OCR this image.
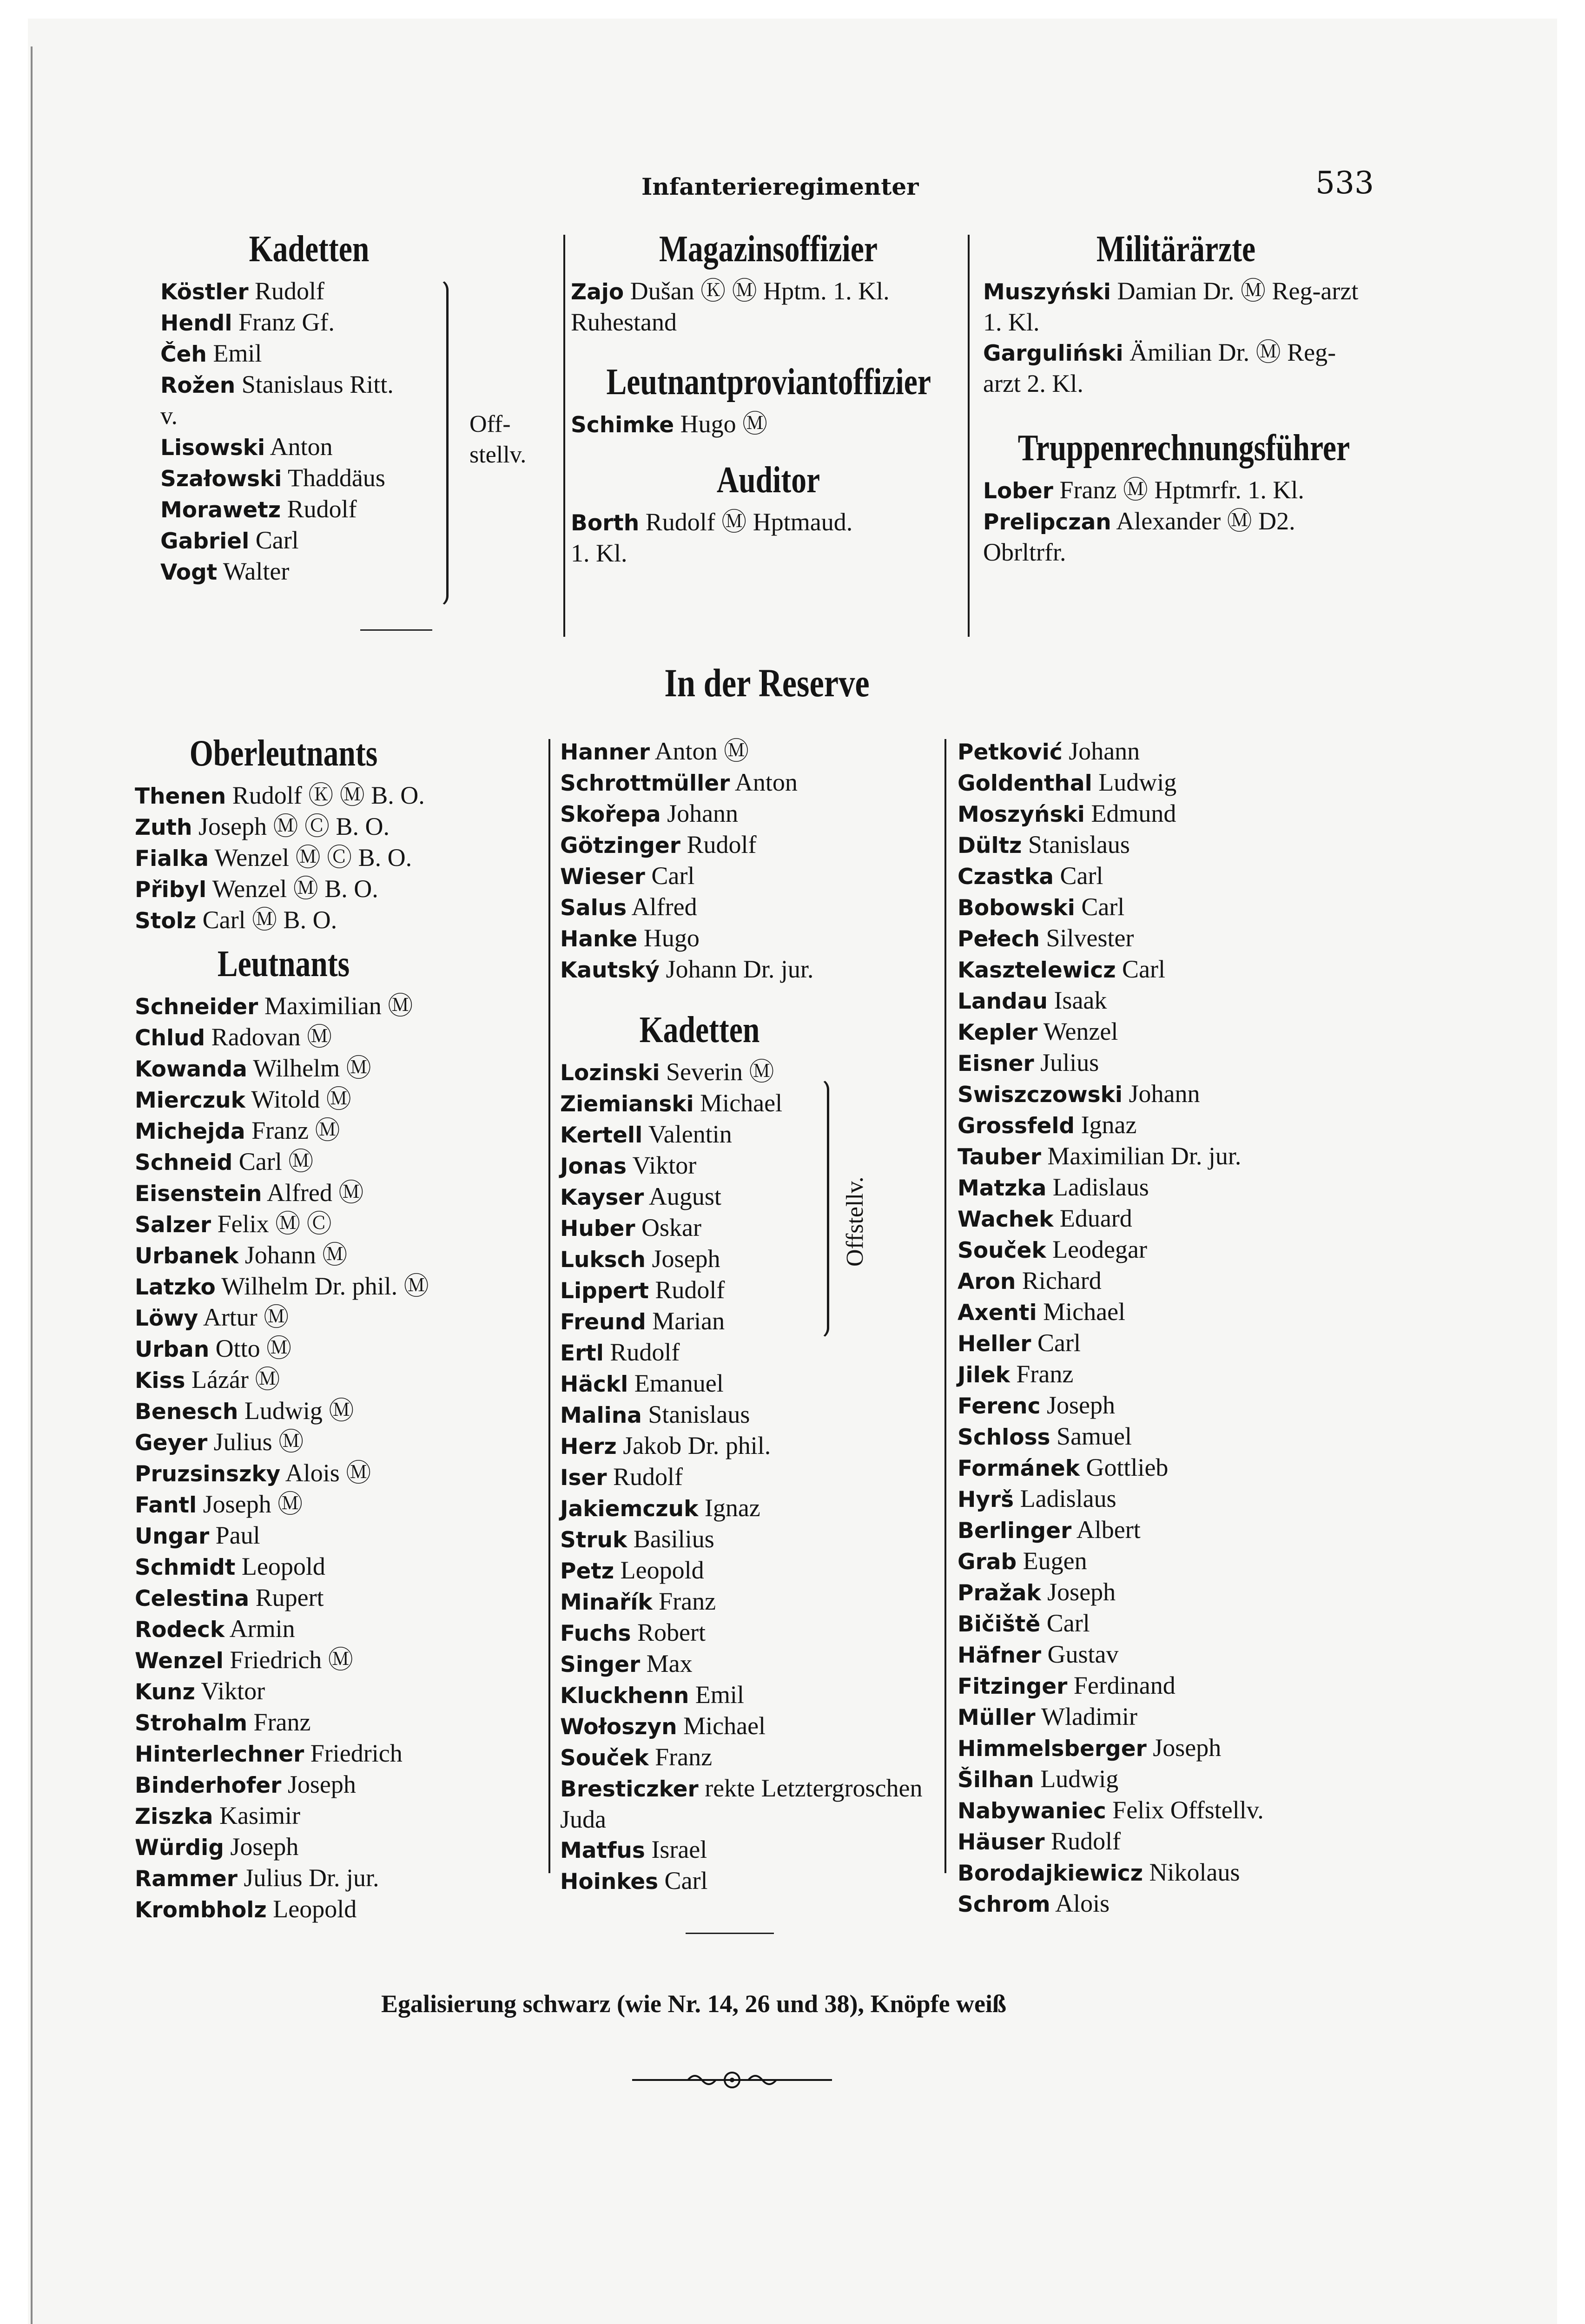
Infanterieregimenter	533
Kadetten
Köstler Rudolf
Hendl Franz Gf.
Čeh Emil
Rožen Stanislaus Ritt.
v.
Lisowski Anton
Szałowski Thaddäus
Morawetz Rudolf
Gabriel Carl
Vogt Walter
Off-
stellv.
Magazinsoffizier
Zajo Dušan Ⓚ Ⓜ Hptm. 1. Kl. Ruhestand
Leutnantproviantoffizier
Schimke Hugo Ⓜ
Auditor
Borth Rudolf Ⓜ Hptmaud. 1. Kl.
Militärärzte
Muszyński Damian Dr. Ⓜ Reg-arzt 1. Kl.
Garguliński Ämilian Dr. Ⓜ Reg-arzt 2. Kl.
Truppenrechnungsführer
Lober Franz Ⓜ Hptmrfr. 1. Kl.
Prelipczan Alexander Ⓜ D2. Obrltrfr.
In der Reserve
Oberleutnants
Thenen Rudolf Ⓚ Ⓜ B. O.
Zuth Joseph Ⓜ Ⓒ B. O.
Fialka Wenzel Ⓜ Ⓒ B. O.
Přibyl Wenzel Ⓜ B. O.
Stolz Carl Ⓜ B. O.
Leutnants
Schneider Maximilian Ⓜ
Chlud Radovan Ⓜ
Kowanda Wilhelm Ⓜ
Mierczuk Witold Ⓜ
Michejda Franz Ⓜ
Schneid Carl Ⓜ
Eisenstein Alfred Ⓜ
Salzer Felix Ⓜ Ⓒ
Urbanek Johann Ⓜ
Latzko Wilhelm Dr. phil. Ⓜ
Löwy Artur Ⓜ
Urban Otto Ⓜ
Kiss Lázár Ⓜ
Benesch Ludwig Ⓜ
Geyer Julius Ⓜ
Pruzsinszky Alois Ⓜ
Fantl Joseph Ⓜ
Ungar Paul
Schmidt Leopold
Celestina Rupert
Rodeck Armin
Wenzel Friedrich Ⓜ
Kunz Viktor
Strohalm Franz
Hinterlechner Friedrich
Binderhofer Joseph
Ziszka Kasimir
Würdig Joseph
Rammer Julius Dr. jur.
Krombholz Leopold
Hanner Anton Ⓜ
Schrottmüller Anton
Skořepa Johann
Götzinger Rudolf
Wieser Carl
Salus Alfred
Hanke Hugo
Kautský Johann Dr. jur.
Kadetten
Lozinski Severin Ⓜ
Ziemianski Michael
Kertell Valentin
Jonas Viktor
Kayser August
Huber Oskar
Luksch Joseph
Lippert Rudolf
Freund Marian
Ertl Rudolf
Häckl Emanuel
Malina Stanislaus
Herz Jakob Dr. phil.
Iser Rudolf
Jakiemczuk Ignaz
Struk Basilius
Petz Leopold
Minařík Franz
Fuchs Robert
Singer Max
Kluckhenn Emil
Wołoszyn Michael
Souček Franz
Bresticzker rekte Letztergroschen Juda
Matfus Israel
Hoinkes Carl
Offstellv.
Petković Johann
Goldenthal Ludwig
Moszyński Edmund
Dültz Stanislaus
Czastka Carl
Bobowski Carl
Pełech Silvester
Kasztelewicz Carl
Landau Isaak
Kepler Wenzel
Eisner Julius
Swiszczowski Johann
Grossfeld Ignaz
Tauber Maximilian Dr. jur.
Matzka Ladislaus
Wachek Eduard
Souček Leodegar
Aron Richard
Axenti Michael
Heller Carl
Jilek Franz
Ferenc Joseph
Schloss Samuel
Formánek Gottlieb
Hyrš Ladislaus
Berlinger Albert
Grab Eugen
Pražak Joseph
Bičiště Carl
Häfner Gustav
Fitzinger Ferdinand
Müller Wladimir
Himmelsberger Joseph
Šilhan Ludwig
Nabywaniec Felix Offstellv.
Häuser Rudolf
Borodajkiewicz Nikolaus
Schrom Alois
Egalisierung schwarz (wie Nr. 14, 26 und 38), Knöpfe weiß
